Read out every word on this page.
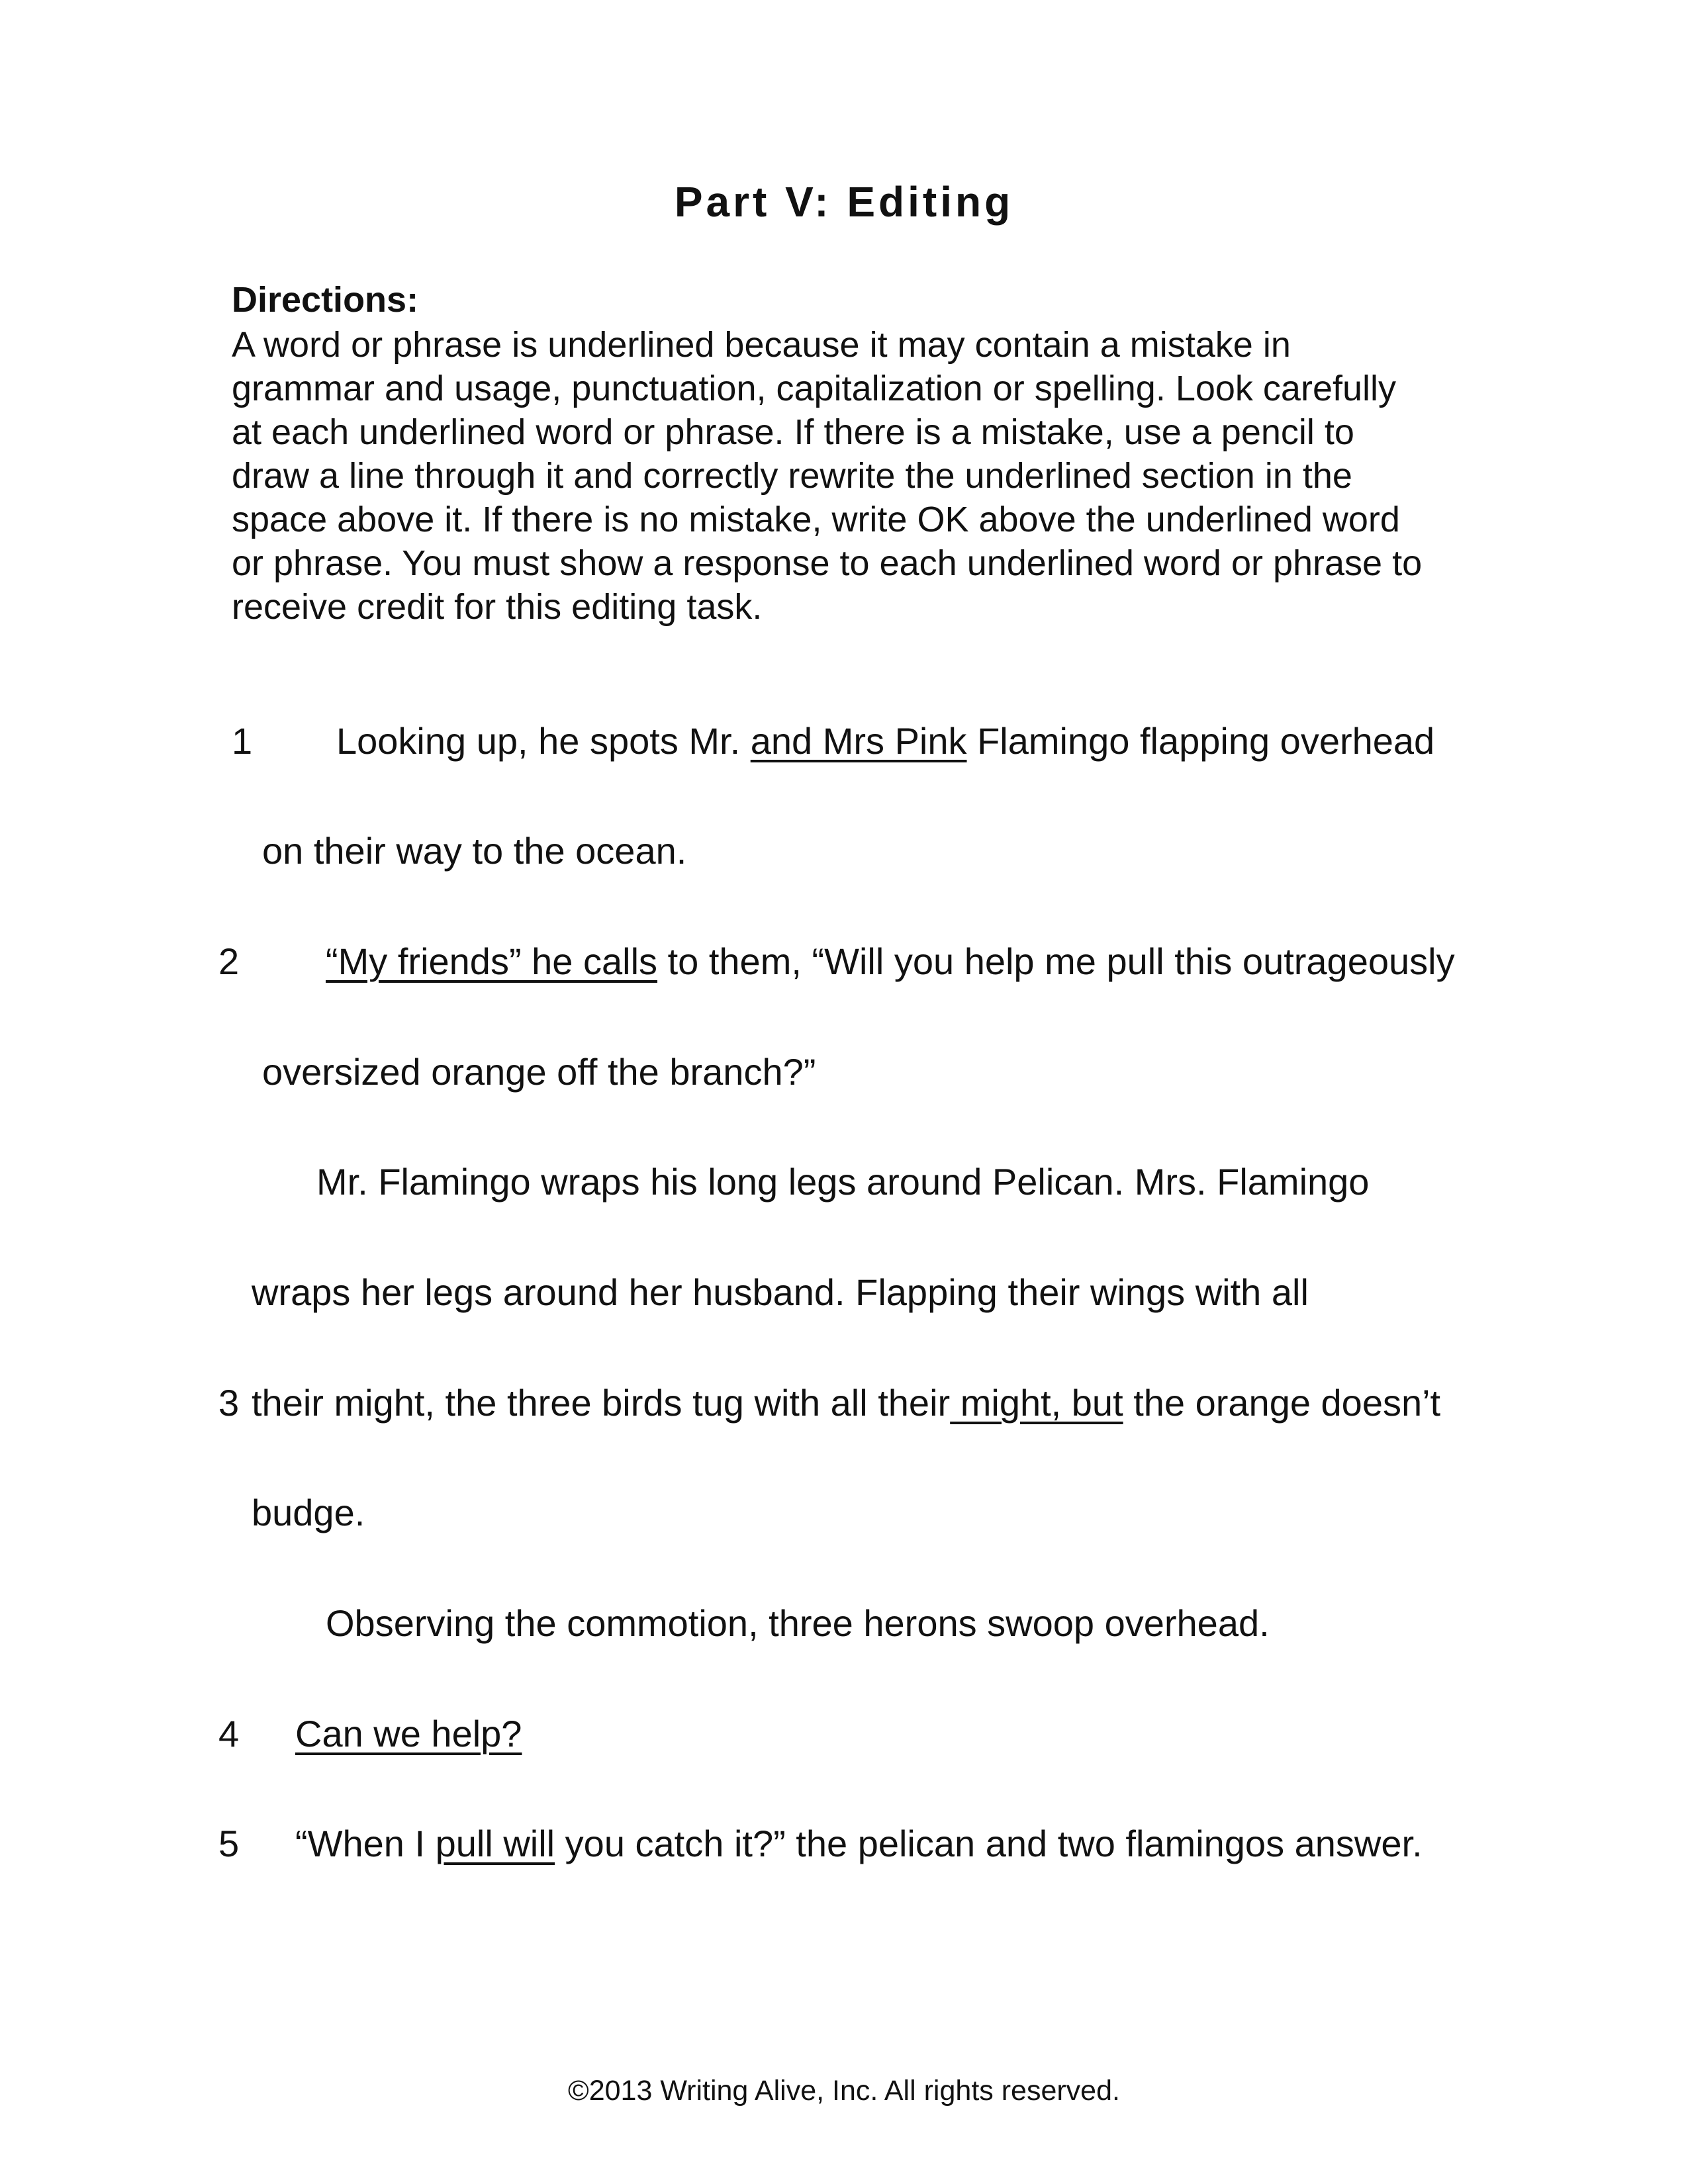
Part V: Editing
Directions:
A word or phrase is underlined because it may contain a mistake in
grammar and usage, punctuation, capitalization or spelling. Look carefully
at each underlined word or phrase. If there is a mistake, use a pencil to
draw a line through it and correctly rewrite the underlined section in the
space above it. If there is no mistake, write OK above the underlined word
or phrase. You must show a response to each underlined word or phrase to
receive credit for this editing task.
1 Looking up, he spots Mr. and Mrs Pink Flamingo flapping overhead
on their way to the ocean.
2 “My friends” he calls to them, “Will you help me pull this outrageously
oversized orange off the branch?”
Mr. Flamingo wraps his long legs around Pelican. Mrs. Flamingo
wraps her legs around her husband. Flapping their wings with all
3 their might, the three birds tug with all their might, but the orange doesn’t
budge.
Observing the commotion, three herons swoop overhead.
4 Can we help?
5 “When I pull will you catch it?” the pelican and two flamingos answer.
©2013 Writing Alive, Inc. All rights reserved.
